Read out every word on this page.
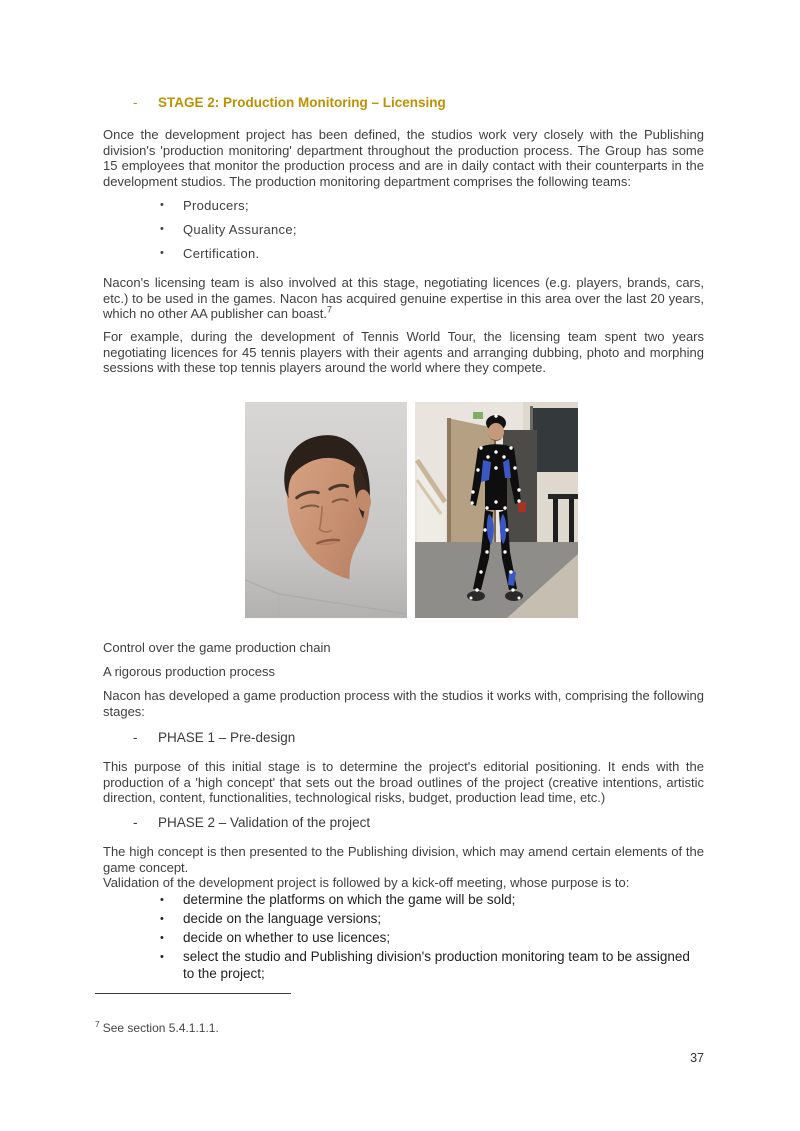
-	STAGE 2: Production Monitoring – Licensing

Once the development project has been defined, the studios work very closely with the Publishing division's 'production monitoring' department throughout the production process. The Group has some 15 employees that monitor the production process and are in daily contact with their counterparts in the development studios. The production monitoring department comprises the following teams:

•	Producers;
•	Quality Assurance;
•	Certification.

Nacon's licensing team is also involved at this stage, negotiating licences (e.g. players, brands, cars, etc.) to be used in the games. Nacon has acquired genuine expertise in this area over the last 20 years, which no other AA publisher can boast.$^7$

For example, during the development of Tennis World Tour, the licensing team spent two years negotiating licences for 45 tennis players with their agents and arranging dubbing, photo and morphing sessions with these top tennis players around the world where they compete.

Control over the game production chain

A rigorous production process

Nacon has developed a game production process with the studios it works with, comprising the following stages:

-	PHASE 1 – Pre-design

This purpose of this initial stage is to determine the project's editorial positioning. It ends with the production of a 'high concept' that sets out the broad outlines of the project (creative intentions, artistic direction, content, functionalities, technological risks, budget, production lead time, etc.)

-	PHASE 2 – Validation of the project

The high concept is then presented to the Publishing division, which may amend certain elements of the game concept.

Validation of the development project is followed by a kick-off meeting, whose purpose is to:

•	determine the platforms on which the game will be sold;
•	decide on the language versions;
•	decide on whether to use licences;
•	select the studio and Publishing division's production monitoring team to be assigned to the project;
$^7$ See section 5.4.1.1.1.
37
